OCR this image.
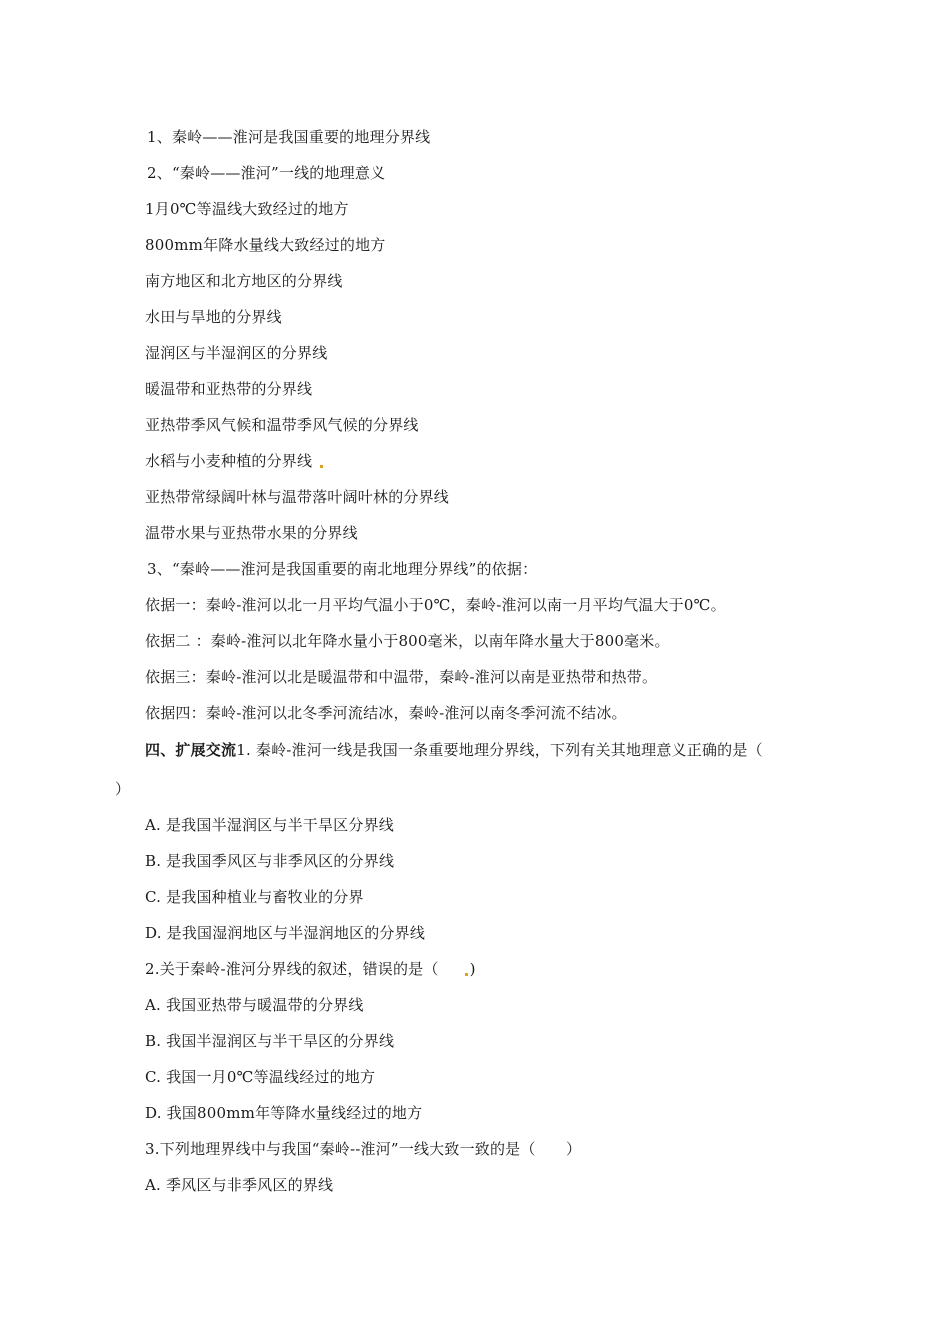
1、秦岭——淮河是我国重要的地理分界线
2、“秦岭——淮河”一线的地理意义
1月0℃等温线大致经过的地方
800mm年降水量线大致经过的地方
南方地区和北方地区的分界线
水田与旱地的分界线
湿润区与半湿润区的分界线
暖温带和亚热带的分界线
亚热带季风气候和温带季风气候的分界线
水稻与小麦种植的分界线
亚热带常绿阔叶林与温带落叶阔叶林的分界线
温带水果与亚热带水果的分界线
3、“秦岭——淮河是我国重要的南北地理分界线”的依据：
依据一：秦岭-淮河以北一月平均气温小于0℃，秦岭-淮河以南一月平均气温大于0℃。
依据二 ：秦岭-淮河以北年降水量小于800毫米，以南年降水量大于800毫米。
依据三：秦岭-淮河以北是暖温带和中温带，秦岭-淮河以南是亚热带和热带。
依据四：秦岭-淮河以北冬季河流结冰，秦岭-淮河以南冬季河流不结冰。
四、扩展交流1. 秦岭-淮河一线是我国一条重要地理分界线，下列有关其地理意义正确的是（
）
A. 是我国半湿润区与半干旱区分界线
B. 是我国季风区与非季风区的分界线
C. 是我国种植业与畜牧业的分界
D. 是我国湿润地区与半湿润地区的分界线
2.关于秦岭-淮河分界线的叙述，错误的是（ )
A. 我国亚热带与暖温带的分界线
B. 我国半湿润区与半干旱区的分界线
C. 我国一月0℃等温线经过的地方
D. 我国800mm年等降水量线经过的地方
3.下列地理界线中与我国“秦岭--淮河”一线大致一致的是（　　）
A. 季风区与非季风区的界线
